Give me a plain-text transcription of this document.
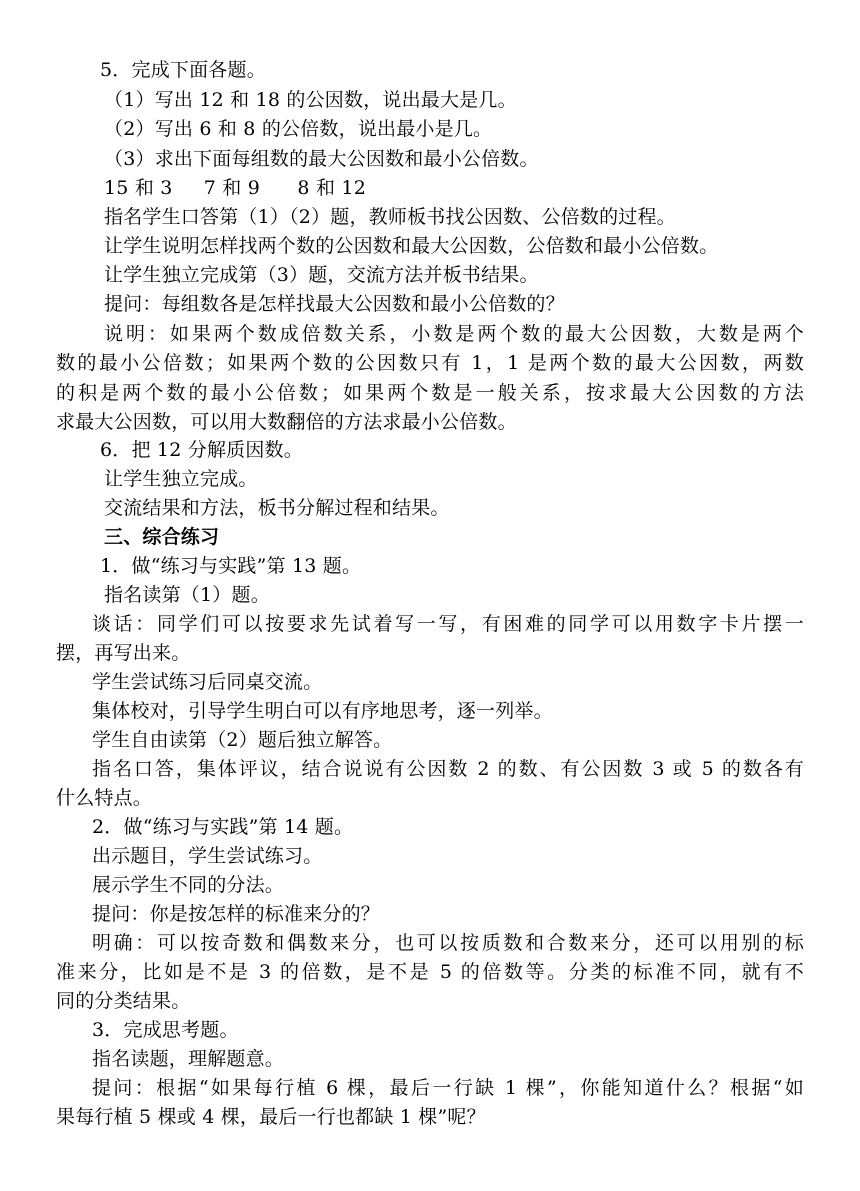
5．完成下面各题。
（1）写出 12 和 18 的公因数，说出最大是几。
（2）写出 6 和 8 的公倍数，说出最小是几。
（3）求出下面每组数的最大公因数和最小公倍数。
15 和 3     7 和 9      8 和 12
指名学生口答第（1）（2）题，教师板书找公因数、公倍数的过程。
让学生说明怎样找两个数的公因数和最大公因数，公倍数和最小公倍数。
让学生独立完成第（3）题，交流方法并板书结果。
提问：每组数各是怎样找最大公因数和最小公倍数的？
说明：如果两个数成倍数关系，小数是两个数的最大公因数，大数是两个
数的最小公倍数；如果两个数的公因数只有 1，1 是两个数的最大公因数，两数
的积是两个数的最小公倍数；如果两个数是一般关系，按求最大公因数的方法
求最大公因数，可以用大数翻倍的方法求最小公倍数。
6．把 12 分解质因数。
让学生独立完成。
交流结果和方法，板书分解过程和结果。
三、综合练习
1．做“练习与实践”第 13 题。
指名读第（1）题。
谈话：同学们可以按要求先试着写一写，有困难的同学可以用数字卡片摆一
摆，再写出来。
学生尝试练习后同桌交流。
集体校对，引导学生明白可以有序地思考，逐一列举。
学生自由读第（2）题后独立解答。
指名口答，集体评议，结合说说有公因数 2 的数、有公因数 3 或 5 的数各有
什么特点。
2．做“练习与实践”第 14 题。
出示题目，学生尝试练习。
展示学生不同的分法。
提问：你是按怎样的标准来分的？
明确：可以按奇数和偶数来分，也可以按质数和合数来分，还可以用别的标
准来分，比如是不是 3 的倍数，是不是 5 的倍数等。分类的标准不同，就有不
同的分类结果。
3．完成思考题。
指名读题，理解题意。
提问：根据“如果每行植 6 棵，最后一行缺 1 棵”，你能知道什么？根据“如
果每行植 5 棵或 4 棵，最后一行也都缺 1 棵”呢？
